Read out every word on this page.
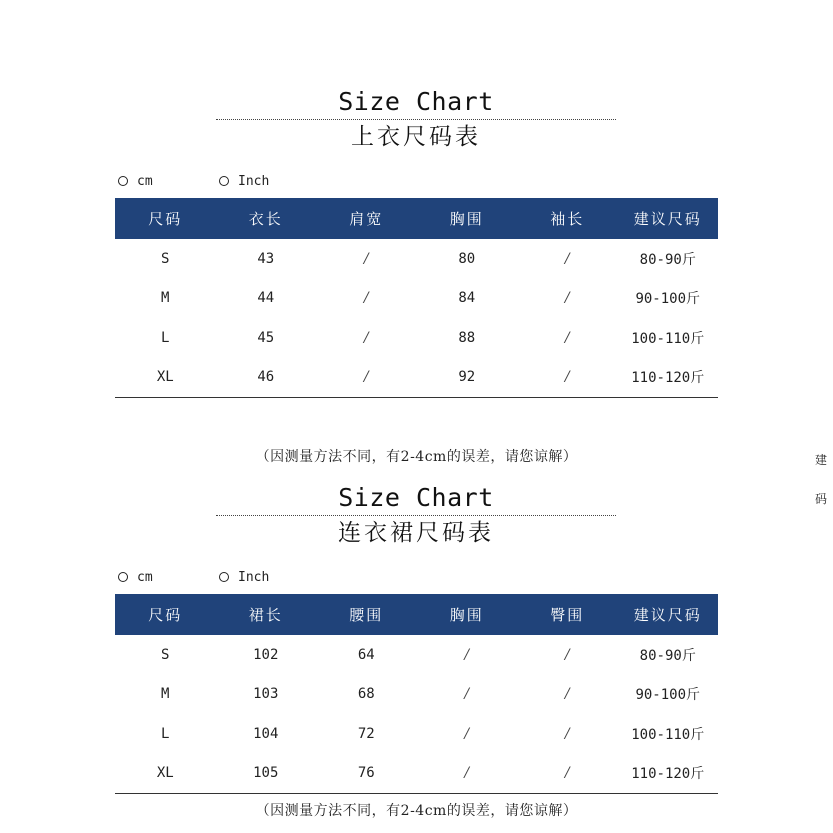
Size Chart
上衣尺码表
cm	Inch
尺码	衣长	肩宽	胸围	袖长	建议尺码
S	43	/	80	/	80-90斤
M	44	/	84	/	90-100斤
L	45	/	88	/	100-110斤
XL	46	/	92	/	110-120斤
（因测量方法不同，有2-4cm的误差，请您谅解）
Size Chart
连衣裙尺码表
cm	Inch
尺码	裙长	腰围	胸围	臀围	建议尺码
S	102	64	/	/	80-90斤
M	103	68	/	/	90-100斤
L	104	72	/	/	100-110斤
XL	105	76	/	/	110-120斤
（因测量方法不同，有2-4cm的误差，请您谅解）
建
码
